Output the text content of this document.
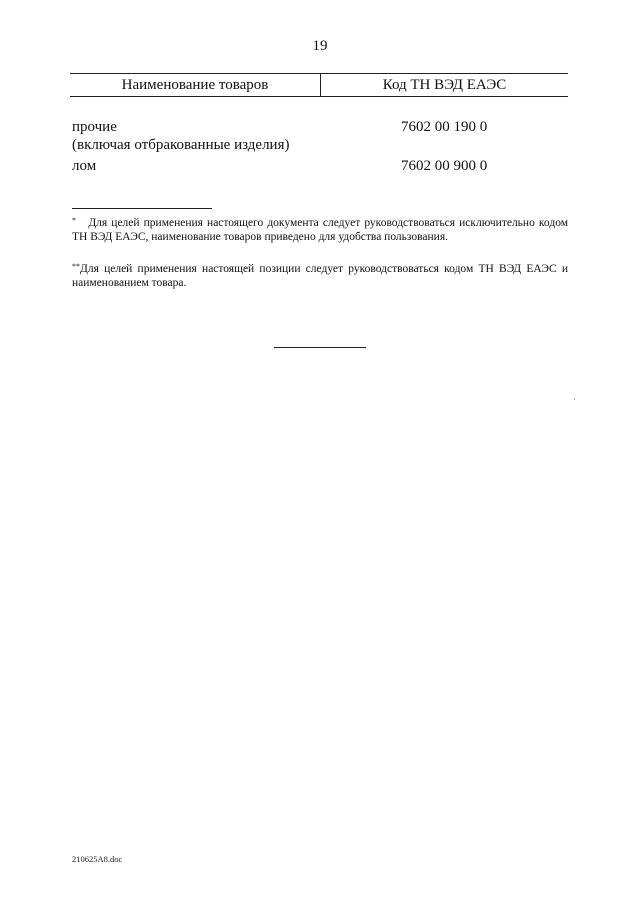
19
Наименование товаров	Код ТН ВЭД ЕАЭС
прочие
(включая отбракованные изделия)
7602 00 190 0
лом	7602 00 900 0
* Для целей применения настоящего документа следует руководствоваться исключительно кодом ТН ВЭД ЕАЭС, наименование товаров приведено для удобства пользования.
**Для целей применения настоящей позиции следует руководствоваться кодом ТН ВЭД ЕАЭС и наименованием товара.
210625A8.doc
